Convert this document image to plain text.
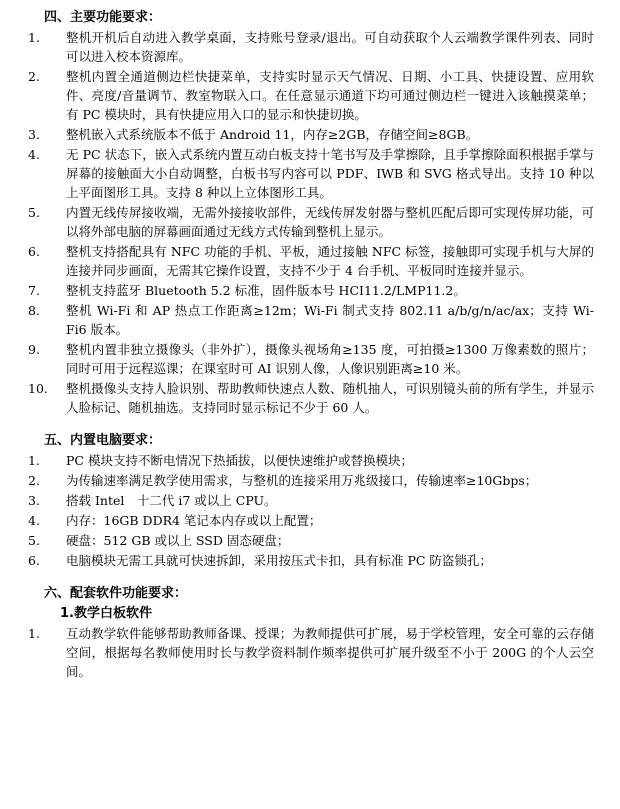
四、主要功能要求：
1.	整机开机后自动进入教学桌面，支持账号登录/退出。可自动获取个人云端教学课件列表、同时可以进入校本资源库。
2.	整机内置全通道侧边栏快捷菜单，支持实时显示天气情况、日期、小工具、快捷设置、应用软件、亮度/音量调节、教室物联入口。在任意显示通道下均可通过侧边栏一键进入该触摸菜单；有 PC 模块时，具有快捷应用入口的显示和快捷切换。
3.	整机嵌入式系统版本不低于 Android 11，内存≥2GB，存储空间≥8GB。
4.	无 PC 状态下，嵌入式系统内置互动白板支持十笔书写及手掌擦除，且手掌擦除面积根据手掌与屏幕的接触面大小自动调整，白板书写内容可以 PDF、IWB 和 SVG 格式导出。支持 10 种以上平面图形工具。支持 8 种以上立体图形工具。
5.	内置无线传屏接收端，无需外接接收部件，无线传屏发射器与整机匹配后即可实现传屏功能，可以将外部电脑的屏幕画面通过无线方式传输到整机上显示。
6.	整机支持搭配具有 NFC 功能的手机、平板，通过接触 NFC 标签，接触即可实现手机与大屏的连接并同步画面，无需其它操作设置，支持不少于 4 台手机、平板同时连接并显示。
7.	整机支持蓝牙 Bluetooth 5.2 标准，固件版本号 HCI11.2/LMP11.2。
8.	整机 Wi-Fi 和 AP 热点工作距离≥12m；Wi-Fi 制式支持 802.11 a/b/g/n/ac/ax；支持 Wi-Fi6 版本。
9.	整机内置非独立摄像头（非外扩），摄像头视场角≥135 度，可拍摄≥1300 万像素数的照片；同时可用于远程巡课；在课室时可 AI 识别人像，人像识别距离≥10 米。
10.	整机摄像头支持人脸识别、帮助教师快速点人数、随机抽人，可识别镜头前的所有学生，并显示人脸标记、随机抽选。支持同时显示标记不少于 60 人。
五、内置电脑要求：
1.	PC 模块支持不断电情况下热插拔，以便快速维护或替换模块；
2.	为传输速率满足教学使用需求，与整机的连接采用万兆级接口，传输速率≥10Gbps；
3.	搭载 Intel　十二代 i7 或以上 CPU。
4.	内存：16GB DDR4 笔记本内存或以上配置；
5.	硬盘：512 GB 或以上 SSD 固态硬盘；
6.	电脑模块无需工具就可快速拆卸，采用按压式卡扣，具有标准 PC 防盗锁孔；
六、配套软件功能要求：
1.教学白板软件
1.	互动教学软件能够帮助教师备课、授课；为教师提供可扩展，易于学校管理，安全可靠的云存储空间，根据每名教师使用时长与教学资料制作频率提供可扩展升级至不小于 200G 的个人云空间。
